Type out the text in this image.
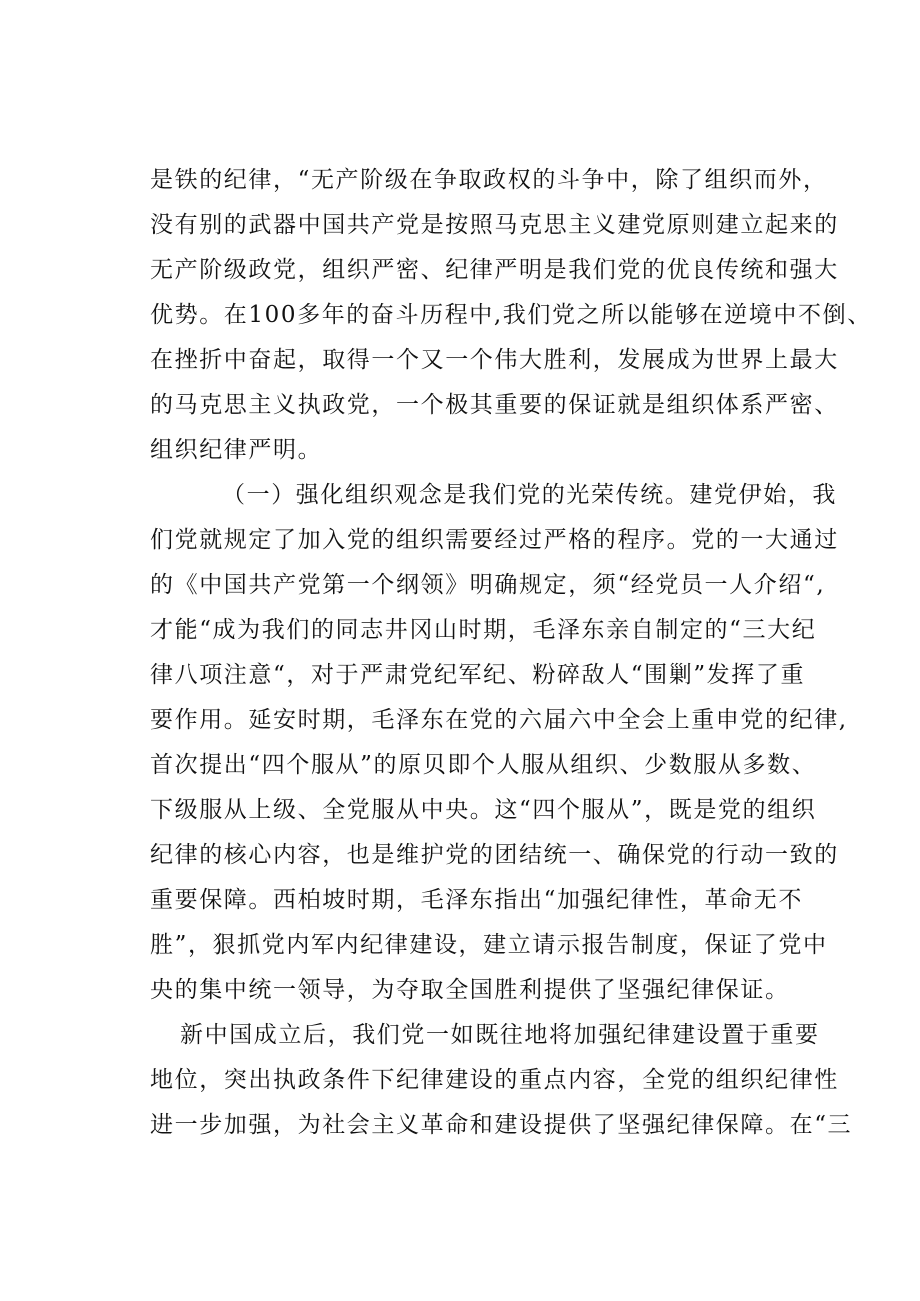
是铁的纪律，“无产阶级在争取政权的斗争中，除了组织而外，
没有别的武器中国共产党是按照马克思主义建党原则建立起来的
无产阶级政党，组织严密、纪律严明是我们党的优良传统和强大
优势。在100多年的奋斗历程中,我们党之所以能够在逆境中不倒、
在挫折中奋起，取得一个又一个伟大胜利，发展成为世界上最大
的马克思主义执政党，一个极其重要的保证就是组织体系严密、
组织纪律严明。
（一）强化组织观念是我们党的光荣传统。建党伊始，我
们党就规定了加入党的组织需要经过严格的程序。党的一大通过
的《中国共产党第一个纲领》明确规定，须“经党员一人介绍“,
才能“成为我们的同志井冈山时期，毛泽东亲自制定的“三大纪
律八项注意“，对于严肃党纪军纪、粉碎敌人“围剿”发挥了重
要作用。延安时期，毛泽东在党的六届六中全会上重申党的纪律,
首次提出“四个服从”的原贝即个人服从组织、少数服从多数、
下级服从上级、全党服从中央。这“四个服从”，既是党的组织
纪律的核心内容，也是维护党的团结统一、确保党的行动一致的
重要保障。西柏坡时期，毛泽东指出“加强纪律性，革命无不
胜”，狠抓党内军内纪律建设，建立请示报告制度，保证了党中
央的集中统一领导，为夺取全国胜利提供了坚强纪律保证。
新中国成立后，我们党一如既往地将加强纪律建设置于重要
地位，突出执政条件下纪律建设的重点内容，全党的组织纪律性
进一步加强，为社会主义革命和建设提供了坚强纪律保障。在“三
